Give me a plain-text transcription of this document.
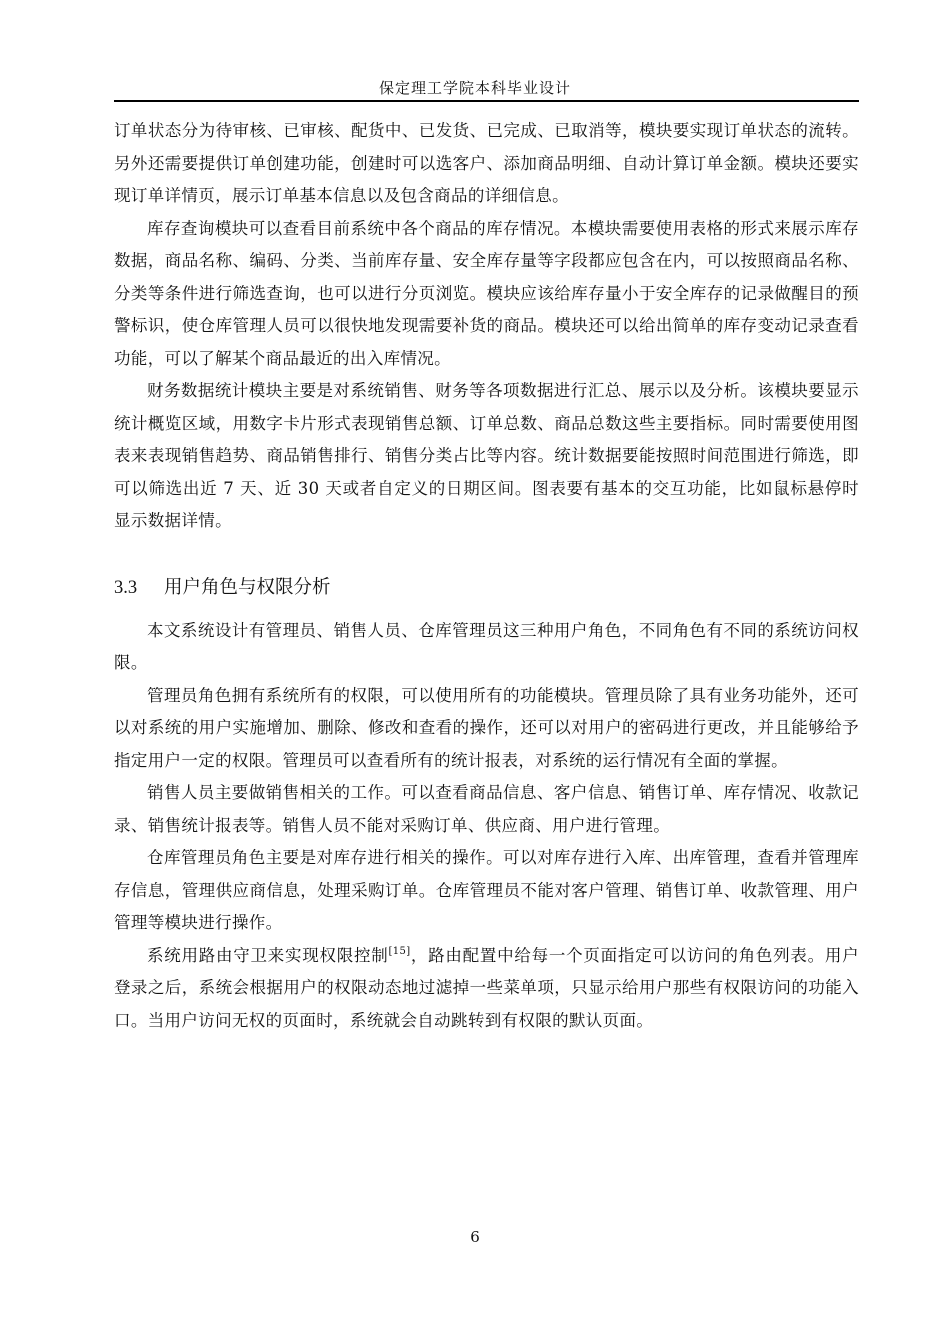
保定理工学院本科毕业设计

订单状态分为待审核、已审核、配货中、已发货、已完成、已取消等，模块要实现订单状态的流转。另外还需要提供订单创建功能，创建时可以选客户、添加商品明细、自动计算订单金额。模块还要实现订单详情页，展示订单基本信息以及包含商品的详细信息。

库存查询模块可以查看目前系统中各个商品的库存情况。本模块需要使用表格的形式来展示库存数据，商品名称、编码、分类、当前库存量、安全库存量等字段都应包含在内，可以按照商品名称、分类等条件进行筛选查询，也可以进行分页浏览。模块应该给库存量小于安全库存的记录做醒目的预警标识，使仓库管理人员可以很快地发现需要补货的商品。模块还可以给出简单的库存变动记录查看功能，可以了解某个商品最近的出入库情况。

财务数据统计模块主要是对系统销售、财务等各项数据进行汇总、展示以及分析。该模块要显示统计概览区域，用数字卡片形式表现销售总额、订单总数、商品总数这些主要指标。同时需要使用图表来表现销售趋势、商品销售排行、销售分类占比等内容。统计数据要能按照时间范围进行筛选，即可以筛选出近 7 天、近 30 天或者自定义的日期区间。图表要有基本的交互功能，比如鼠标悬停时显示数据详情。

3.3 用户角色与权限分析

本文系统设计有管理员、销售人员、仓库管理员这三种用户角色，不同角色有不同的系统访问权限。

管理员角色拥有系统所有的权限，可以使用所有的功能模块。管理员除了具有业务功能外，还可以对系统的用户实施增加、删除、修改和查看的操作，还可以对用户的密码进行更改，并且能够给予指定用户一定的权限。管理员可以查看所有的统计报表，对系统的运行情况有全面的掌握。

销售人员主要做销售相关的工作。可以查看商品信息、客户信息、销售订单、库存情况、收款记录、销售统计报表等。销售人员不能对采购订单、供应商、用户进行管理。

仓库管理员角色主要是对库存进行相关的操作。可以对库存进行入库、出库管理，查看并管理库存信息，管理供应商信息，处理采购订单。仓库管理员不能对客户管理、销售订单、收款管理、用户管理等模块进行操作。

系统用路由守卫来实现权限控制[15]，路由配置中给每一个页面指定可以访问的角色列表。用户登录之后，系统会根据用户的权限动态地过滤掉一些菜单项，只显示给用户那些有权限访问的功能入口。当用户访问无权的页面时，系统就会自动跳转到有权限的默认页面。

6
